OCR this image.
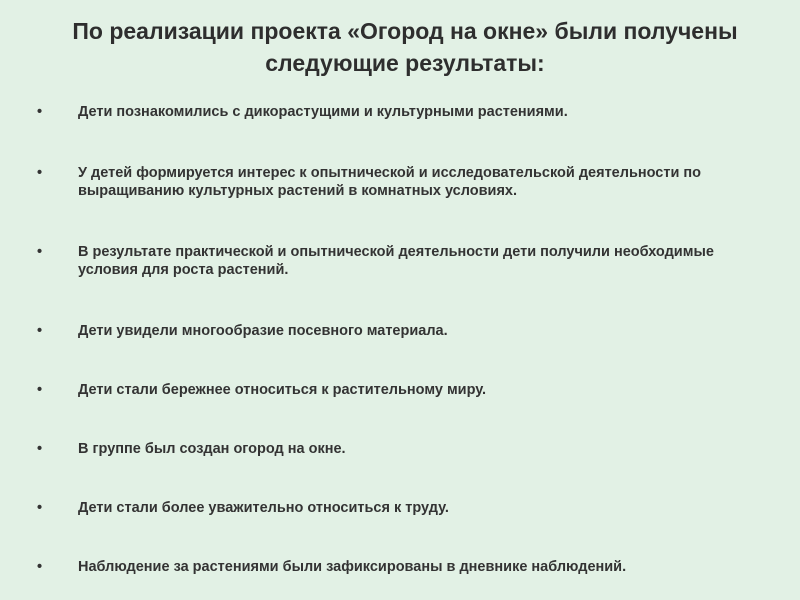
По реализации проекта «Огород на окне» были получены следующие результаты:
• Дети познакомились с дикорастущими и культурными растениями.
• У детей формируется интерес к опытнической и исследовательской деятельности по выращиванию культурных растений в комнатных условиях.
• В результате практической и опытнической деятельности дети получили необходимые условия для роста растений.
• Дети увидели многообразие посевного материала.
• Дети стали бережнее относиться к растительному миру.
• В группе был создан огород на окне.
• Дети стали более уважительно относиться к труду.
• Наблюдение за растениями были зафиксированы в дневнике наблюдений.
